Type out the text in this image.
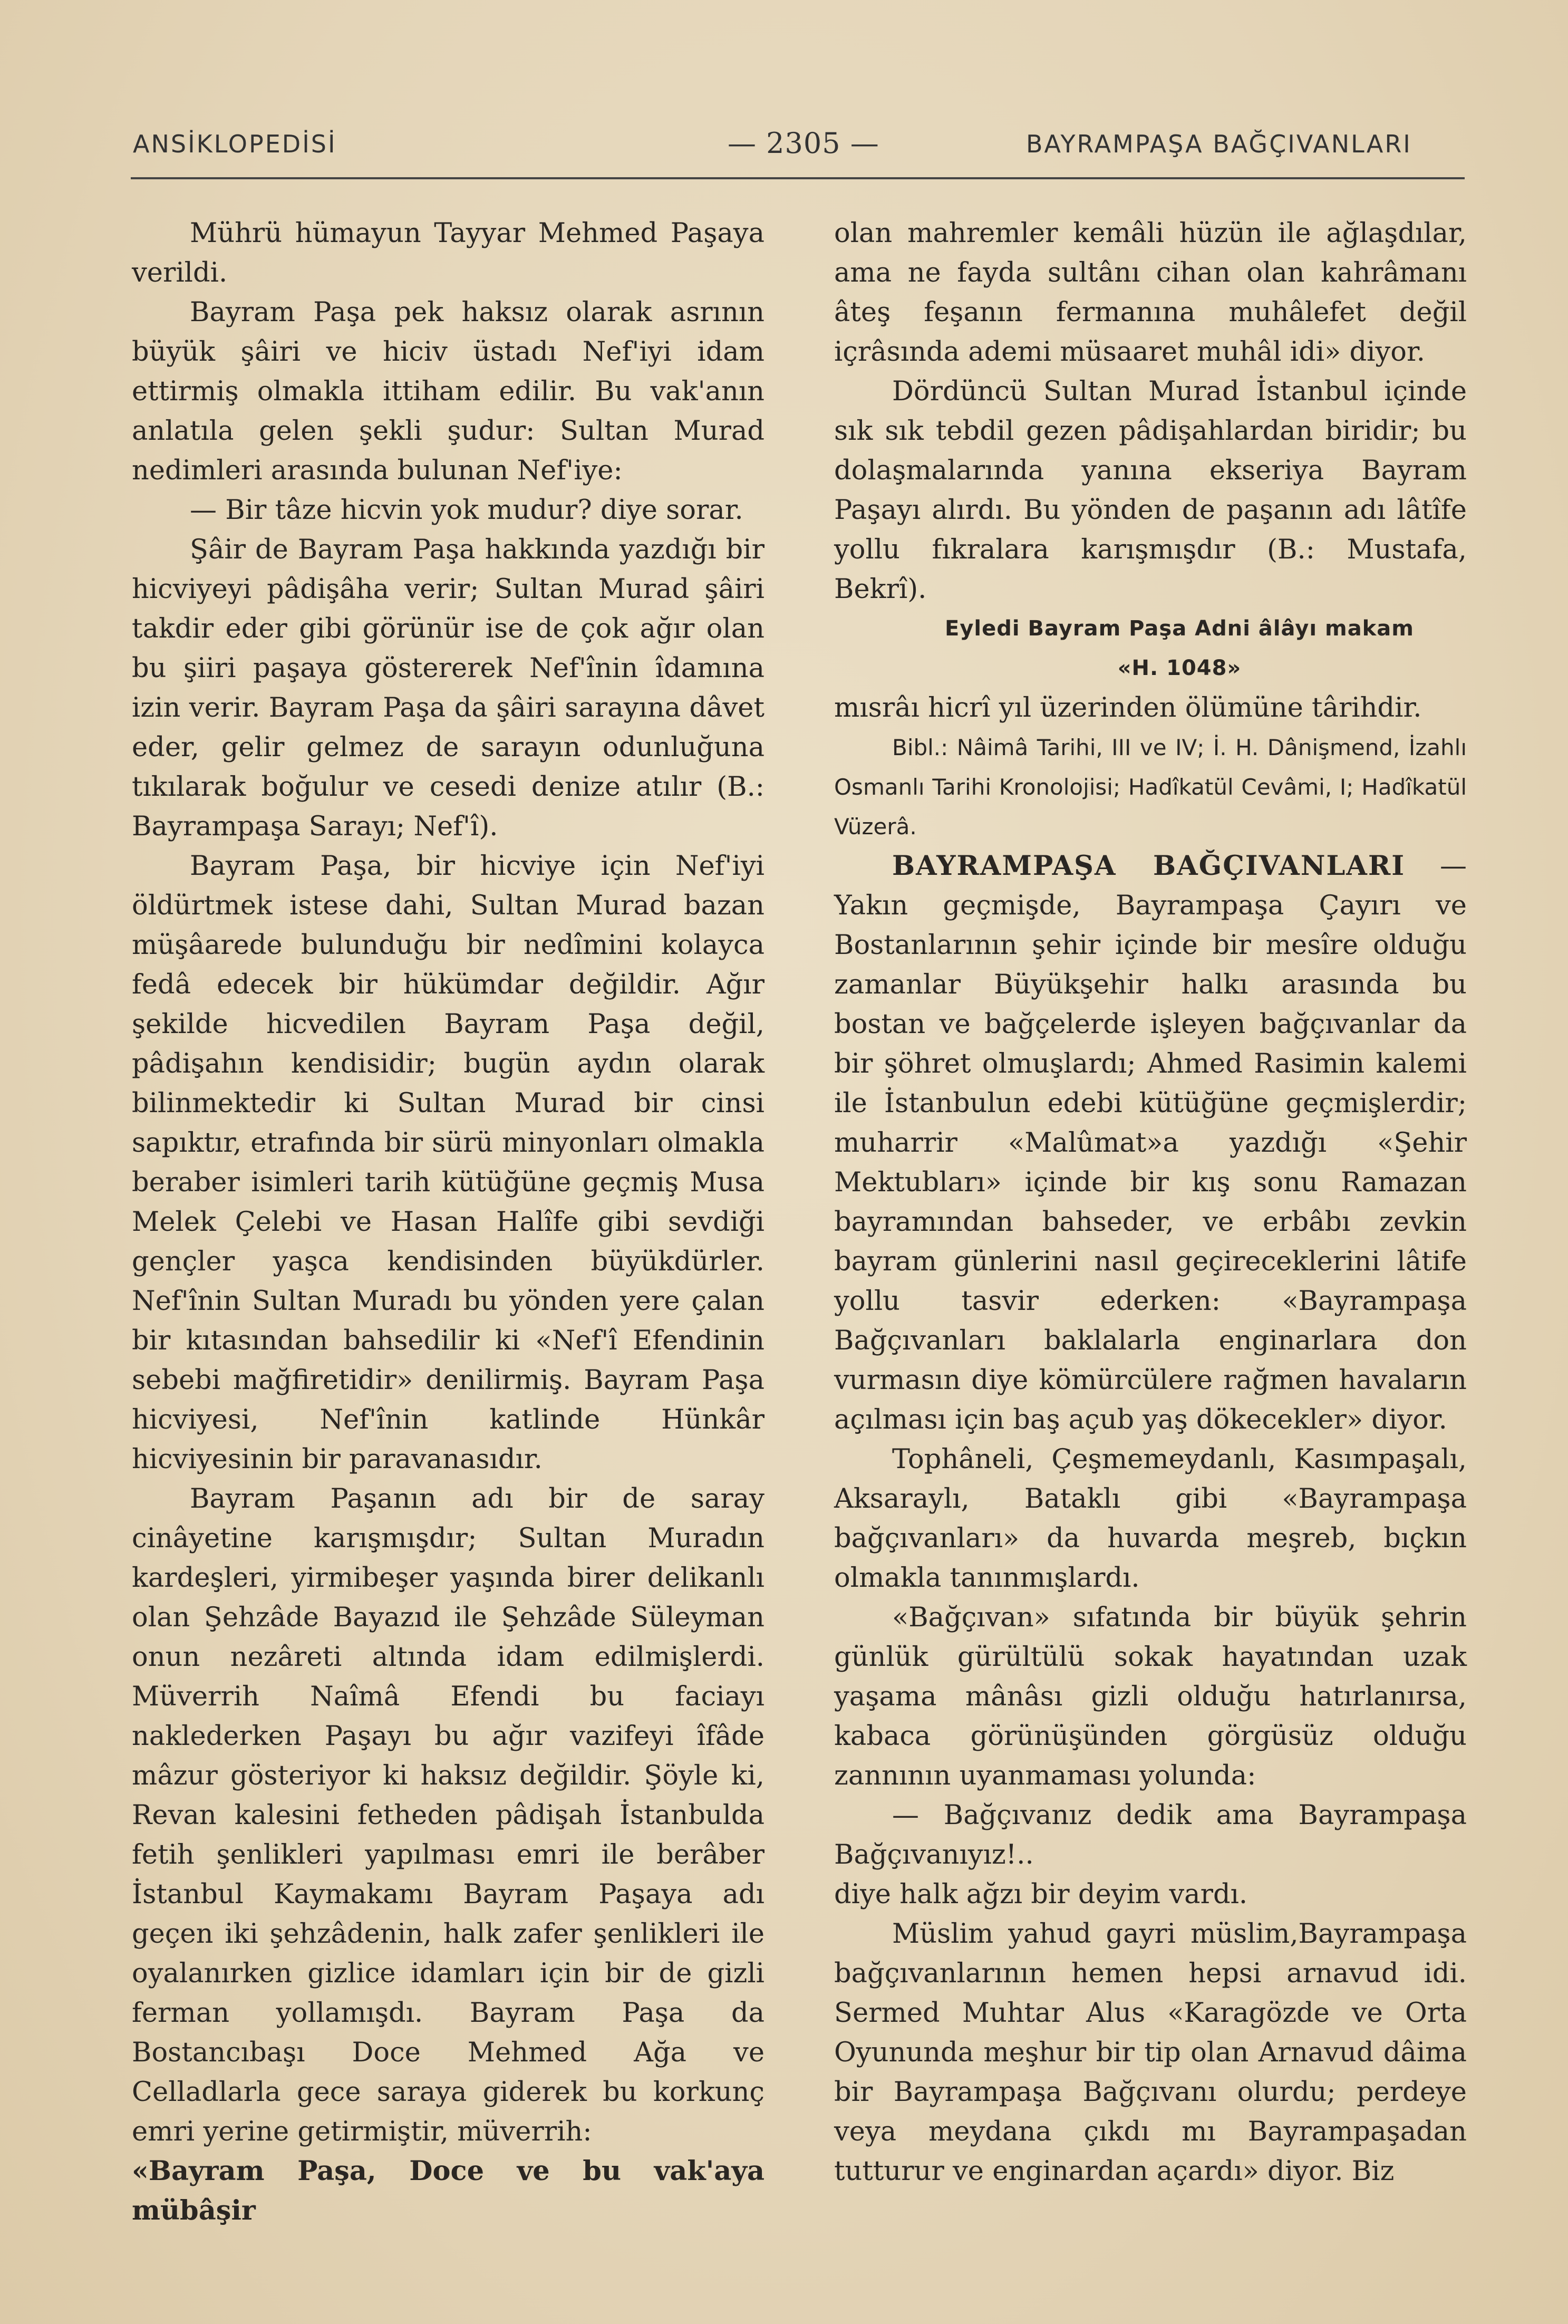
ANSİKLOPEDİSİ	— 2305 —	BAYRAMPAŞA BAĞÇIVANLARI

Mührü hümayun Tayyar Mehmed Paşaya verildi.

Bayram Paşa pek haksız olarak asrının büyük şâiri ve hiciv üstadı Nef'iyi idam ettirmiş olmakla ittiham edilir. Bu vak'anın anlatıla gelen şekli şudur: Sultan Murad nedimleri arasında bulunan Nef'iye:

— Bir tâze hicvin yok mudur? diye sorar.

Şâir de Bayram Paşa hakkında yazdığı bir hicviyeyi pâdişâha verir; Sultan Murad şâiri takdir eder gibi görünür ise de çok ağır olan bu şiiri paşaya göstererek Nef'înin îdamına izin verir. Bayram Paşa da şâiri sarayına dâvet eder, gelir gelmez de sarayın odunluğuna tıkılarak boğulur ve cesedi denize atılır (B.: Bayrampaşa Sarayı; Nef'î).

Bayram Paşa, bir hicviye için Nef'iyi öldürtmek istese dahi, Sultan Murad bazan müşâarede bulunduğu bir nedîmini kolayca fedâ edecek bir hükümdar değildir. Ağır şekilde hicvedilen Bayram Paşa değil, pâdişahın kendisidir; bugün aydın olarak bilinmektedir ki Sultan Murad bir cinsi sapıktır, etrafında bir sürü minyonları olmakla beraber isimleri tarih kütüğüne geçmiş Musa Melek Çelebi ve Hasan Halîfe gibi sevdiği gençler yaşca kendisinden büyükdürler. Nef'înin Sultan Muradı bu yönden yere çalan bir kıtasından bahsedilir ki «Nef'î Efendinin sebebi mağfiretidir» denilirmiş. Bayram Paşa hicviyesi, Nef'înin katlinde Hünkâr hicviyesinin bir paravanasıdır.

Bayram Paşanın adı bir de saray cinâyetine karışmışdır; Sultan Muradın kardeşleri, yirmibeşer yaşında birer delikanlı olan Şehzâde Bayazıd ile Şehzâde Süleyman onun nezâreti altında idam edilmişlerdi. Müverrih Naîmâ Efendi bu faciayı naklederken Paşayı bu ağır vazifeyi îfâde mâzur gösteriyor ki haksız değildir. Şöyle ki, Revan kalesini fetheden pâdişah İstanbulda fetih şenlikleri yapılması emri ile berâber İstanbul Kaymakamı Bayram Paşaya adı geçen iki şehzâdenin, halk zafer şenlikleri ile oyalanırken gizlice idamları için bir de gizli ferman yollamışdı. Bayram Paşa da Bostancıbaşı Doce Mehmed Ağa ve Celladlarla gece saraya giderek bu korkunç emri yerine getirmiştir, müverrih:

«Bayram Paşa, Doce ve bu vak'aya mübâşir

olan mahremler kemâli hüzün ile ağlaşdılar, ama ne fayda sultânı cihan olan kahrâmanı âteş feşanın fermanına muhâlefet değil içrâsında ademi müsaaret muhâl idi» diyor.

Dördüncü Sultan Murad İstanbul içinde sık sık tebdil gezen pâdişahlardan biridir; bu dolaşmalarında yanına ekseriya Bayram Paşayı alırdı. Bu yönden de paşanın adı lâtîfe yollu fıkralara karışmışdır (B.: Mustafa, Bekrî).

Eyledi Bayram Paşa Adni âlâyı makam

«H. 1048»

mısrâı hicrî yıl üzerinden ölümüne târihdir.

Bibl.: Nâimâ Tarihi, III ve IV; İ. H. Dânişmend, İzahlı Osmanlı Tarihi Kronolojisi; Hadîkatül Cevâmi, I; Hadîkatül Vüzerâ.

BAYRAMPAŞA BAĞÇIVANLARI — Yakın geçmişde, Bayrampaşa Çayırı ve Bostanlarının şehir içinde bir mesîre olduğu zamanlar Büyükşehir halkı arasında bu bostan ve bağçelerde işleyen bağçıvanlar da bir şöhret olmuşlardı; Ahmed Rasimin kalemi ile İstanbulun edebi kütüğüne geçmişlerdir; muharrir «Malûmat»a yazdığı «Şehir Mektubları» içinde bir kış sonu Ramazan bayramından bahseder, ve erbâbı zevkin bayram günlerini nasıl geçireceklerini lâtife yollu tasvir ederken: «Bayrampaşa Bağçıvanları baklalarla enginarlara don vurmasın diye kömürcülere rağmen havaların açılması için baş açub yaş dökecekler» diyor.

Tophâneli, Çeşmemeydanlı, Kasımpaşalı, Aksaraylı, Bataklı gibi «Bayrampaşa bağçıvanları» da huvarda meşreb, bıçkın olmakla tanınmışlardı.

«Bağçıvan» sıfatında bir büyük şehrin günlük gürültülü sokak hayatından uzak yaşama mânâsı gizli olduğu hatırlanırsa, kabaca görünüşünden görgüsüz olduğu zannının uyanmaması yolunda:

— Bağçıvanız dedik ama Bayrampaşa Bağçıvanıyız!..

diye halk ağzı bir deyim vardı.

Müslim yahud gayri müslim,Bayrampaşa bağçıvanlarının hemen hepsi arnavud idi. Sermed Muhtar Alus «Karagözde ve Orta Oyununda meşhur bir tip olan Arnavud dâima bir Bayrampaşa Bağçıvanı olurdu; perdeye veya meydana çıkdı mı Bayrampaşadan tutturur ve enginardan açardı» diyor. Biz
